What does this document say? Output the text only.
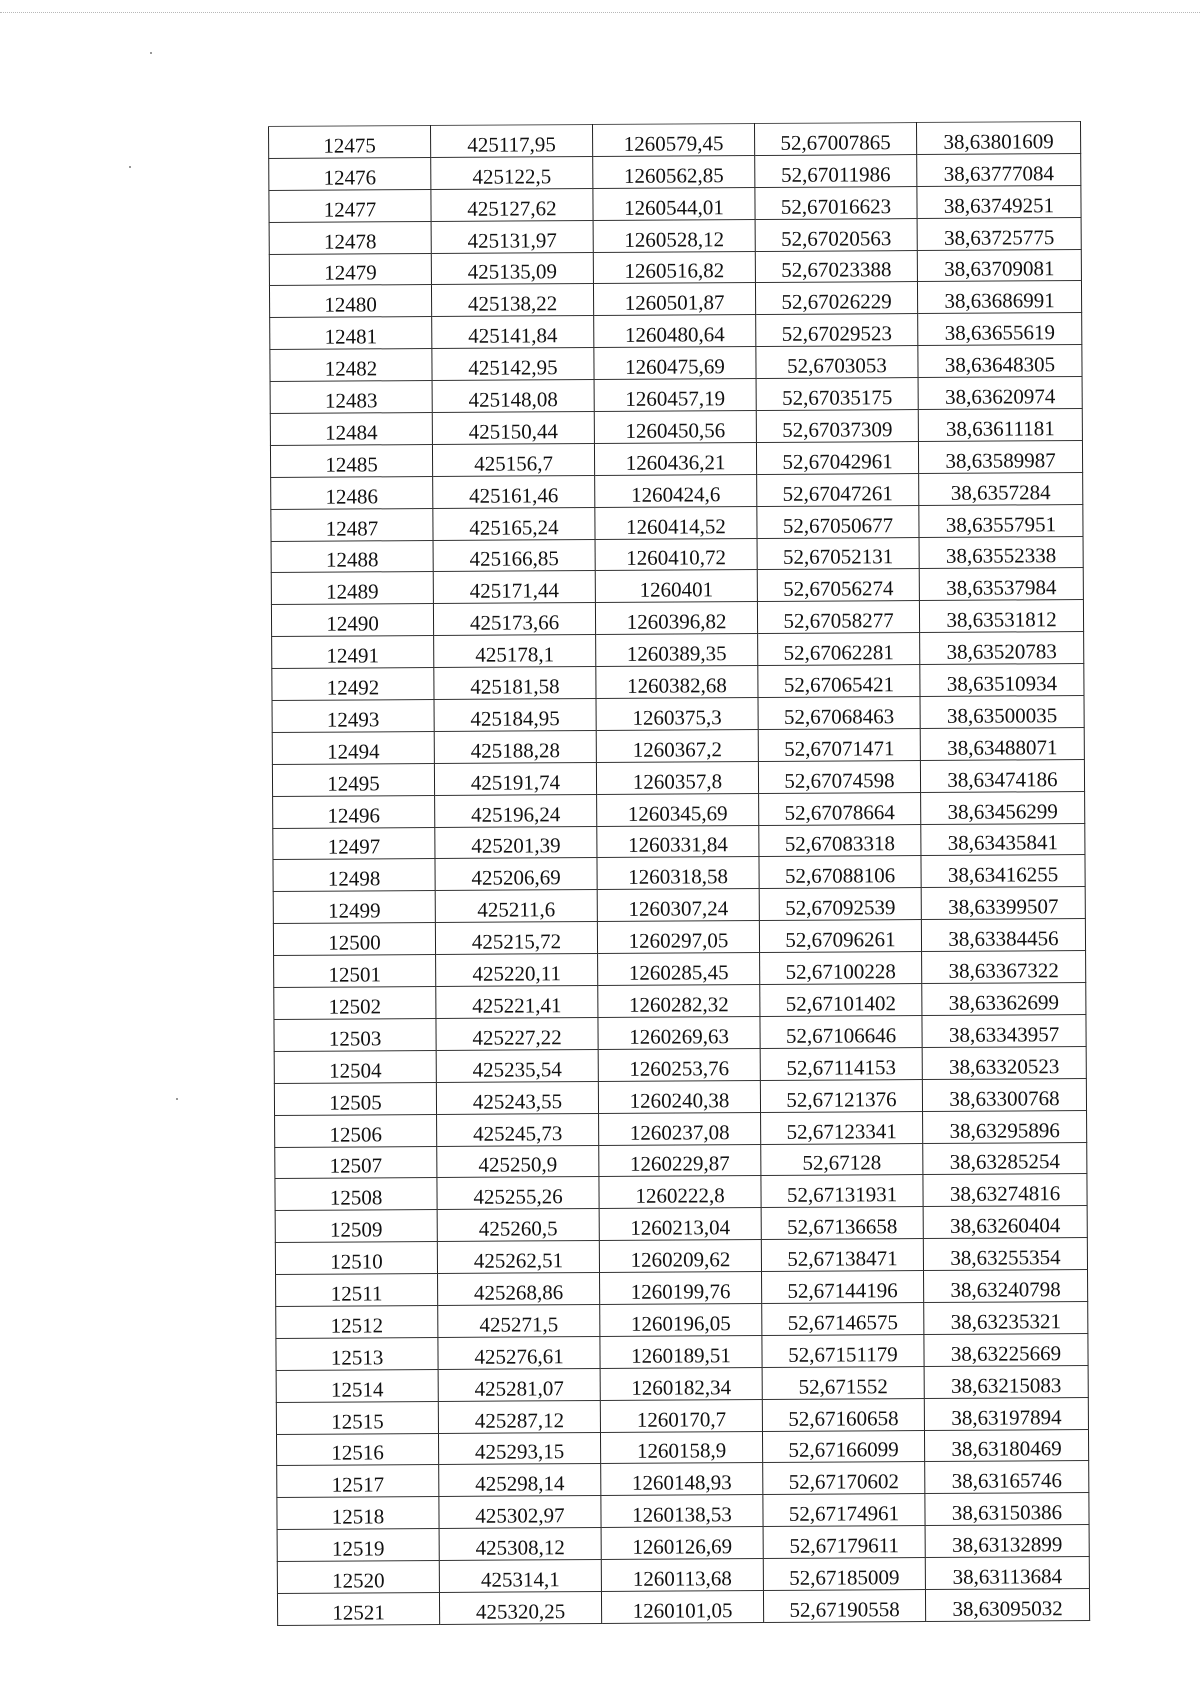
12475	425117,95	1260579,45	52,67007865	38,63801609
12476	425122,5	1260562,85	52,67011986	38,63777084
12477	425127,62	1260544,01	52,67016623	38,63749251
12478	425131,97	1260528,12	52,67020563	38,63725775
12479	425135,09	1260516,82	52,67023388	38,63709081
12480	425138,22	1260501,87	52,67026229	38,63686991
12481	425141,84	1260480,64	52,67029523	38,63655619
12482	425142,95	1260475,69	52,6703053	38,63648305
12483	425148,08	1260457,19	52,67035175	38,63620974
12484	425150,44	1260450,56	52,67037309	38,63611181
12485	425156,7	1260436,21	52,67042961	38,63589987
12486	425161,46	1260424,6	52,67047261	38,6357284
12487	425165,24	1260414,52	52,67050677	38,63557951
12488	425166,85	1260410,72	52,67052131	38,63552338
12489	425171,44	1260401	52,67056274	38,63537984
12490	425173,66	1260396,82	52,67058277	38,63531812
12491	425178,1	1260389,35	52,67062281	38,63520783
12492	425181,58	1260382,68	52,67065421	38,63510934
12493	425184,95	1260375,3	52,67068463	38,63500035
12494	425188,28	1260367,2	52,67071471	38,63488071
12495	425191,74	1260357,8	52,67074598	38,63474186
12496	425196,24	1260345,69	52,67078664	38,63456299
12497	425201,39	1260331,84	52,67083318	38,63435841
12498	425206,69	1260318,58	52,67088106	38,63416255
12499	425211,6	1260307,24	52,67092539	38,63399507
12500	425215,72	1260297,05	52,67096261	38,63384456
12501	425220,11	1260285,45	52,67100228	38,63367322
12502	425221,41	1260282,32	52,67101402	38,63362699
12503	425227,22	1260269,63	52,67106646	38,63343957
12504	425235,54	1260253,76	52,67114153	38,63320523
12505	425243,55	1260240,38	52,67121376	38,63300768
12506	425245,73	1260237,08	52,67123341	38,63295896
12507	425250,9	1260229,87	52,67128	38,63285254
12508	425255,26	1260222,8	52,67131931	38,63274816
12509	425260,5	1260213,04	52,67136658	38,63260404
12510	425262,51	1260209,62	52,67138471	38,63255354
12511	425268,86	1260199,76	52,67144196	38,63240798
12512	425271,5	1260196,05	52,67146575	38,63235321
12513	425276,61	1260189,51	52,67151179	38,63225669
12514	425281,07	1260182,34	52,671552	38,63215083
12515	425287,12	1260170,7	52,67160658	38,63197894
12516	425293,15	1260158,9	52,67166099	38,63180469
12517	425298,14	1260148,93	52,67170602	38,63165746
12518	425302,97	1260138,53	52,67174961	38,63150386
12519	425308,12	1260126,69	52,67179611	38,63132899
12520	425314,1	1260113,68	52,67185009	38,63113684
12521	425320,25	1260101,05	52,67190558	38,63095032
